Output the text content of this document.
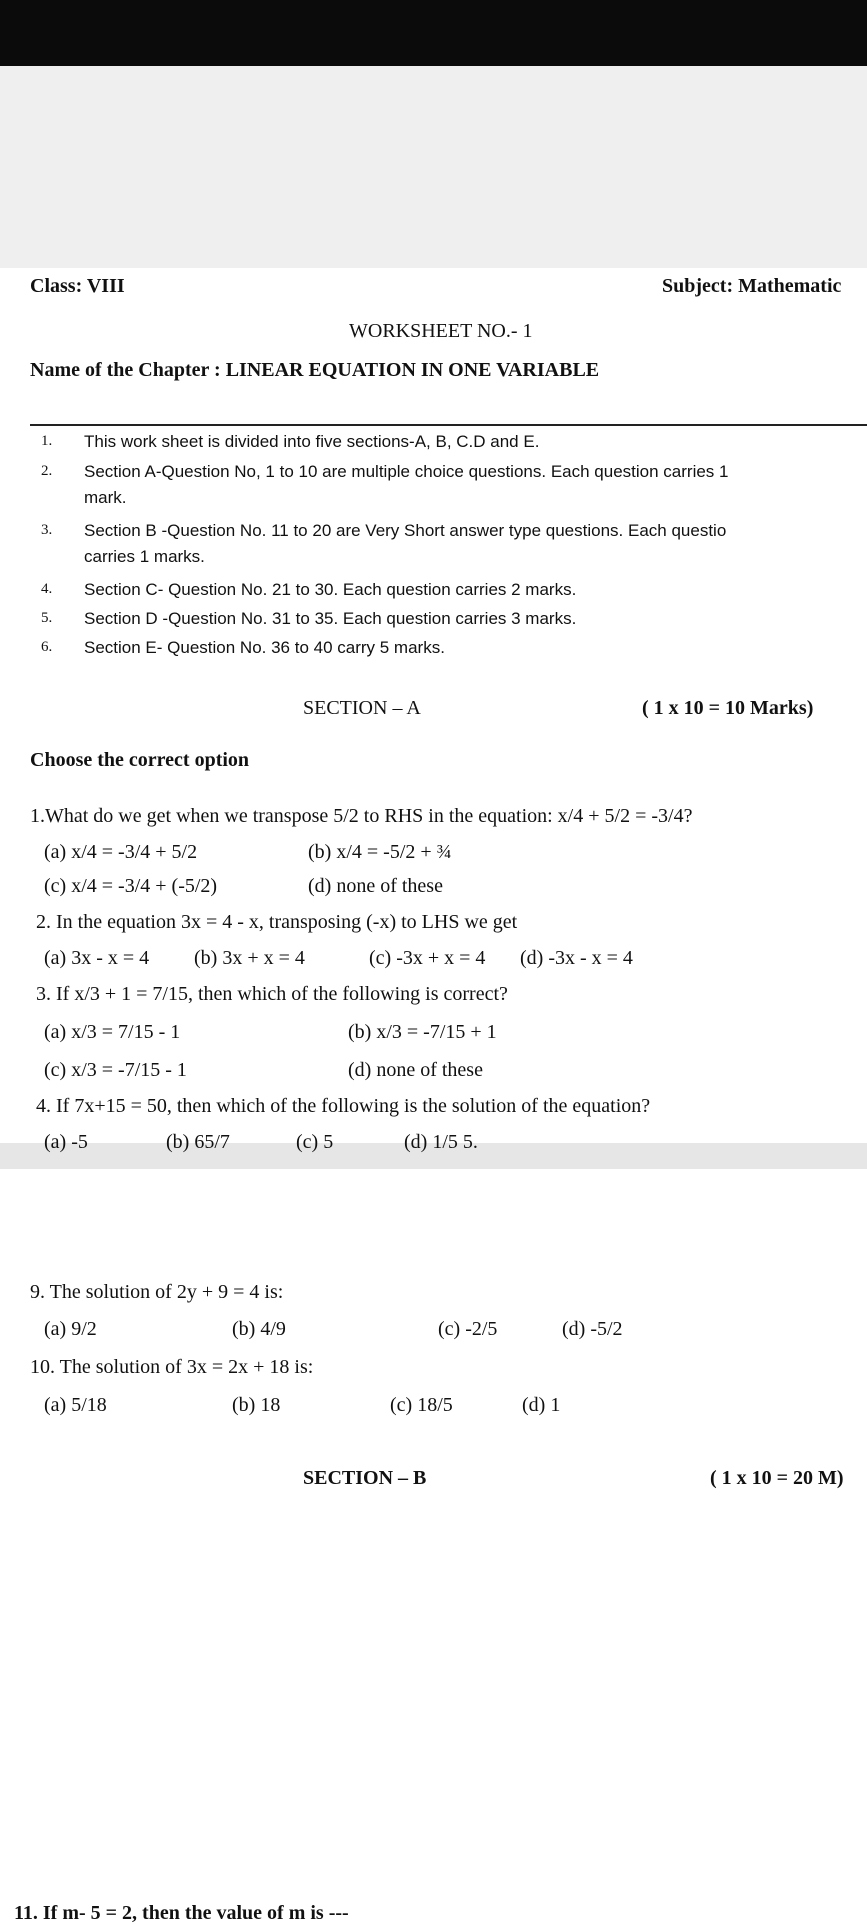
Class: VIII	Subject: Mathematic
WORKSHEET NO.- 1
Name of the Chapter : LINEAR EQUATION IN ONE VARIABLE
1. This work sheet is divided into five sections-A, B, C.D and E.
2. Section A-Question No, 1 to 10 are multiple choice questions. Each question carries 1
mark.
3. Section B -Question No. 11 to 20 are Very Short answer type questions. Each questio
carries 1 marks.
4. Section C- Question No. 21 to 30. Each question carries 2 marks.
5. Section D -Question No. 31 to 35. Each question carries 3 marks.
6. Section E- Question No. 36 to 40 carry 5 marks.
SECTION – A	( 1 x 10 = 10 Marks)
Choose the correct option
1.What do we get when we transpose 5/2 to RHS in the equation: x/4 + 5/2 = -3/4?
(a) x/4 = -3/4 + 5/2	(b) x/4 = -5/2 + ¾
(c) x/4 = -3/4 + (-5/2)	(d) none of these
2. In the equation 3x = 4 - x, transposing (-x) to LHS we get
(a) 3x - x = 4 (b) 3x + x = 4	(c) -3x + x = 4 (d) -3x - x = 4
3. If x/3 + 1 = 7/15, then which of the following is correct?
(a) x/3 = 7/15 - 1	(b) x/3 = -7/15 + 1
(c) x/3 = -7/15 - 1	(d) none of these
4. If 7x+15 = 50, then which of the following is the solution of the equation?
9. The solution of 2y + 9 = 4 is:
(a) 9/2	(b) 4/9	(c) -2/5	(d) -5/2
10. The solution of 3x = 2x + 18 is:
(a) 5/18	(b) 18	(c) 18/5	(d) 1
SECTION – B	( 1 x 10 = 20 M)
11. If m- 5 = 2, then the value of m is ---
(a) -5	(b) 65/7	(c) 5	(d) 1/5 5.
